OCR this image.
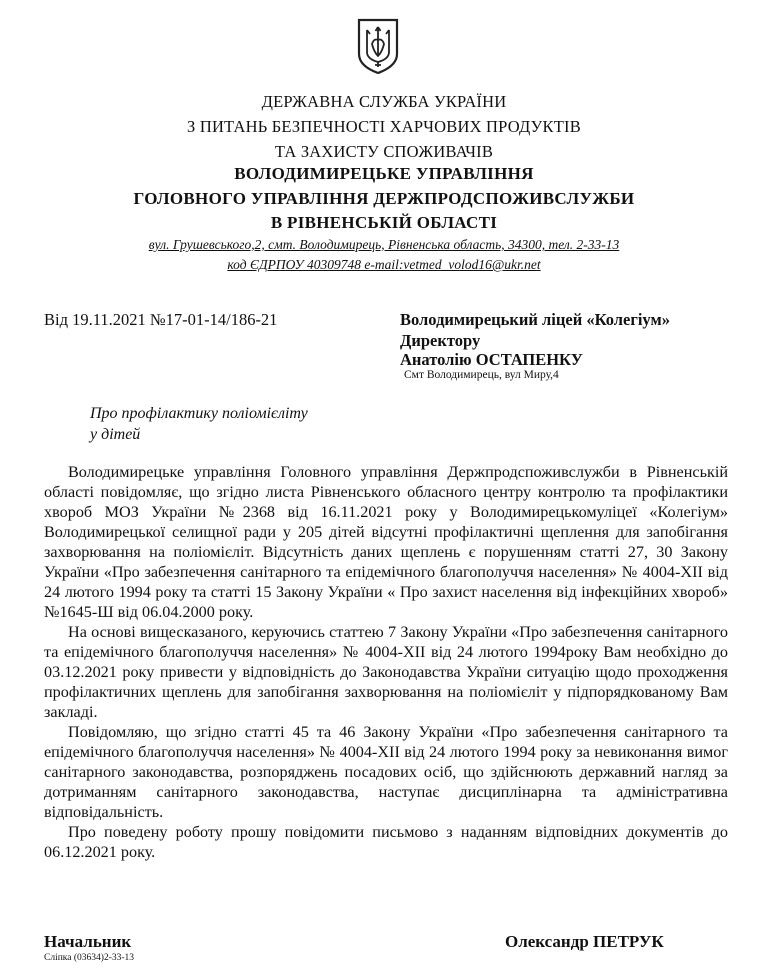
ДЕРЖАВНА СЛУЖБА УКРАЇНИ
З ПИТАНЬ БЕЗПЕЧНОСТІ ХАРЧОВИХ ПРОДУКТІВ
ТА ЗАХИСТУ СПОЖИВАЧІВ
ВОЛОДИМИРЕЦЬКЕ УПРАВЛІННЯ
ГОЛОВНОГО УПРАВЛІННЯ ДЕРЖПРОДСПОЖИВСЛУЖБИ
В РІВНЕНСЬКІЙ ОБЛАСТІ
вул. Грушевського,2, смт. Володимирець, Рівненська область, 34300, тел. 2-33-13
код ЄДРПОУ 40309748 e-mail:vetmed_volod16@ukr.net
Від 19.11.2021 №17-01-14/186-21	Володимирецький ліцей «Колегіум»
Директору
Анатолію ОСТАПЕНКУ
Смт Володимирець, вул Миру,4
Про профілактику поліомієліту
у дітей

Володимирецьке управління Головного управління Держпродспоживслужби в Рівненській області повідомляє, що згідно листа Рівненського обласного центру контролю та профілактики хвороб МОЗ України №2368 від 16.11.2021 року у Володимирецькомуліцеї «Колегіум» Володимирецької селищної ради у 205 дітей відсутні профілактичні щеплення для запобігання захворювання на поліомієліт. Відсутність даних щеплень є порушенням статті 27, 30 Закону України «Про забезпечення санітарного та епідемічного благополуччя населення» № 4004-XII від 24 лютого 1994 року та статті 15 Закону України « Про захист населення від інфекційних хвороб» №1645-Ш від 06.04.2000 року.

На основі вищесказаного, керуючись статтею 7 Закону України «Про забезпечення санітарного та епідемічного благополуччя населення» № 4004-XII від 24 лютого 1994року Вам необхідно до 03.12.2021 року привести у відповідність до Законодавства України ситуацію щодо проходження профілактичних щеплень для запобігання захворювання на поліомієліт у підпорядкованому Вам закладі.

Повідомляю, що згідно статті 45 та 46 Закону України «Про забезпечення санітарного та епідемічного благополуччя населення» № 4004-XII від 24 лютого 1994 року за невиконання вимог санітарного законодавства, розпоряджень посадових осіб, що здійснюють державний нагляд за дотриманням санітарного законодавства, наступає дисциплінарна та адміністративна відповідальність.

Про поведену роботу прошу повідомити письмово з наданням відповідних документів до 06.12.2021 року.

Начальник	Олександр ПЕТРУК
Сліпка (03634)2-33-13
